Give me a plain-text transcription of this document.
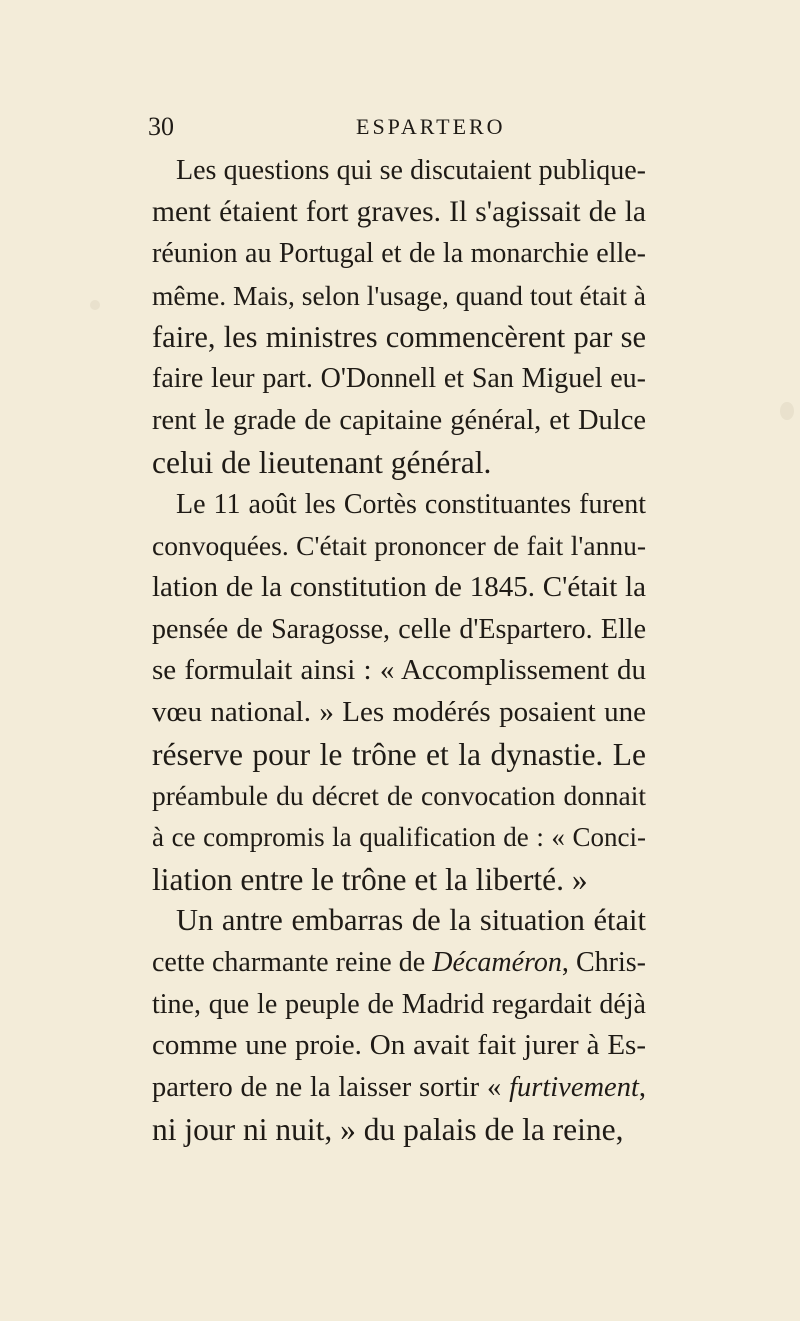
30	ESPARTERO
Les questions qui se discutaient publique-
ment étaient fort graves. Il s'agissait de la
réunion au Portugal et de la monarchie elle-
même. Mais, selon l'usage, quand tout était à
faire, les ministres commencèrent par se
faire leur part. O'Donnell et San Miguel eu-
rent le grade de capitaine général, et Dulce
celui de lieutenant général.
Le 11 août les Cortès constituantes furent
convoquées. C'était prononcer de fait l'annu-
lation de la constitution de 1845. C'était la
pensée de Saragosse, celle d'Espartero. Elle
se formulait ainsi : « Accomplissement du
vœu national. » Les modérés posaient une
réserve pour le trône et la dynastie. Le
préambule du décret de convocation donnait
à ce compromis la qualification de : « Conci-
liation entre le trône et la liberté. »
Un antre embarras de la situation était
cette charmante reine de Décaméron, Chris-
tine, que le peuple de Madrid regardait déjà
comme une proie. On avait fait jurer à Es-
partero de ne la laisser sortir « furtivement,
ni jour ni nuit, » du palais de la reine,
